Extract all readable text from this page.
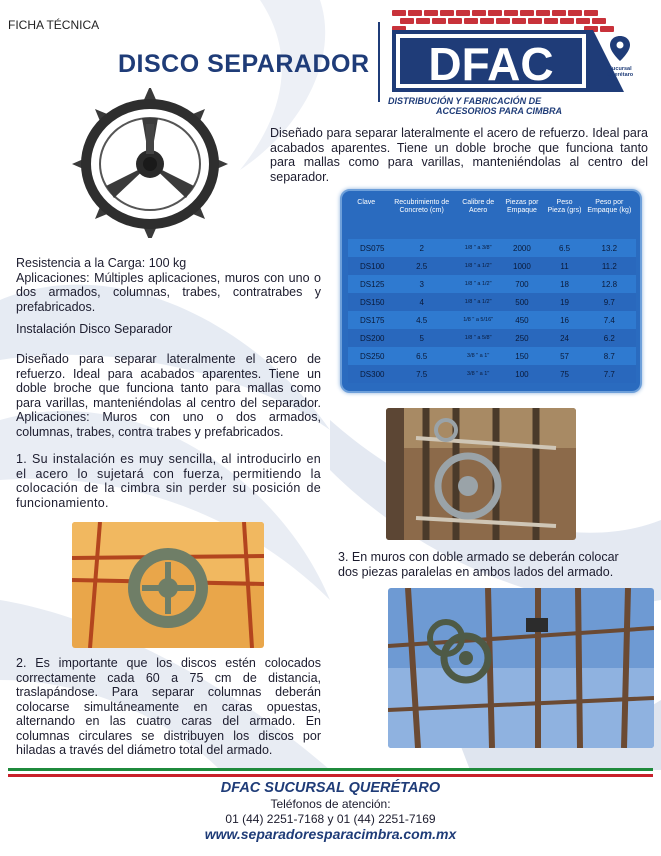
FICHA TÉCNICA
DISCO SEPARADOR DFAC	Sucursal
Querétaro
DISTRIBUCIÓN Y FABRICACIÓN DE
ACCESORIOS PARA CIMBRA
Diseñado para separar lateralmente el acero de refuerzo. Ideal para acabados aparentes. Tiene un doble broche que funciona tanto para mallas como para varillas, manteniéndolas al centro del separador.
Clave	Recubrimiento de Concreto (cm)	Calibre de Acero	Piezas por Empaque	Peso Pieza (grs)	Peso por Empaque (kg)
DS075	2	1/8 " a 3/8"	2000	6.5	13.2
DS100	2.5	1/8 " a 1/2"	1000	11	11.2
DS125	3	1/8 " a 1/2"	700	18	12.8
DS150	4	1/8 " a 1/2"	500	19	9.7
DS175	4.5	1/8 " a 5/16"	450	16	7.4
DS200	5	1/8 " a 5/8"	250	24	6.2
DS250	6.5	3/8 " a 1"	150	57	8.7
DS300	7.5	3/8 " a 1"	100	75	7.7
Resistencia a la Carga: 100 kg
Aplicaciones: Múltiples aplicaciones, muros con uno o dos armados, columnas, trabes, contratrabes y prefabricados.
Instalación Disco Separador
Diseñado para separar lateralmente el acero de refuerzo. Ideal para acabados aparentes. Tiene un doble broche que funciona tanto para mallas como para varillas, manteniéndolas al centro del separador. Aplicaciones: Muros con uno o dos armados, columnas, trabes, contra trabes y prefabricados.
1. Su instalación es muy sencilla, al introducirlo en el acero lo sujetará con fuerza, permitiendo la colocación de la cimbra sin perder su posición de funcionamiento.
3. En muros con doble armado se deberán colocar dos piezas paralelas en ambos lados del armado.
2. Es importante que los discos estén colocados correctamente cada 60 a 75 cm de distancia, traslapándose. Para separar columnas deberán colocarse simultáneamente en caras opuestas, alternando en las cuatro caras del armado. En columnas circulares se distribuyen los discos por hiladas a través del diámetro total del armado.
DFAC SUCURSAL QUERÉTARO
Teléfonos de atención:
01 (44) 2251-7168 y 01 (44) 2251-7169
www.separadoresparacimbra.com.mx
